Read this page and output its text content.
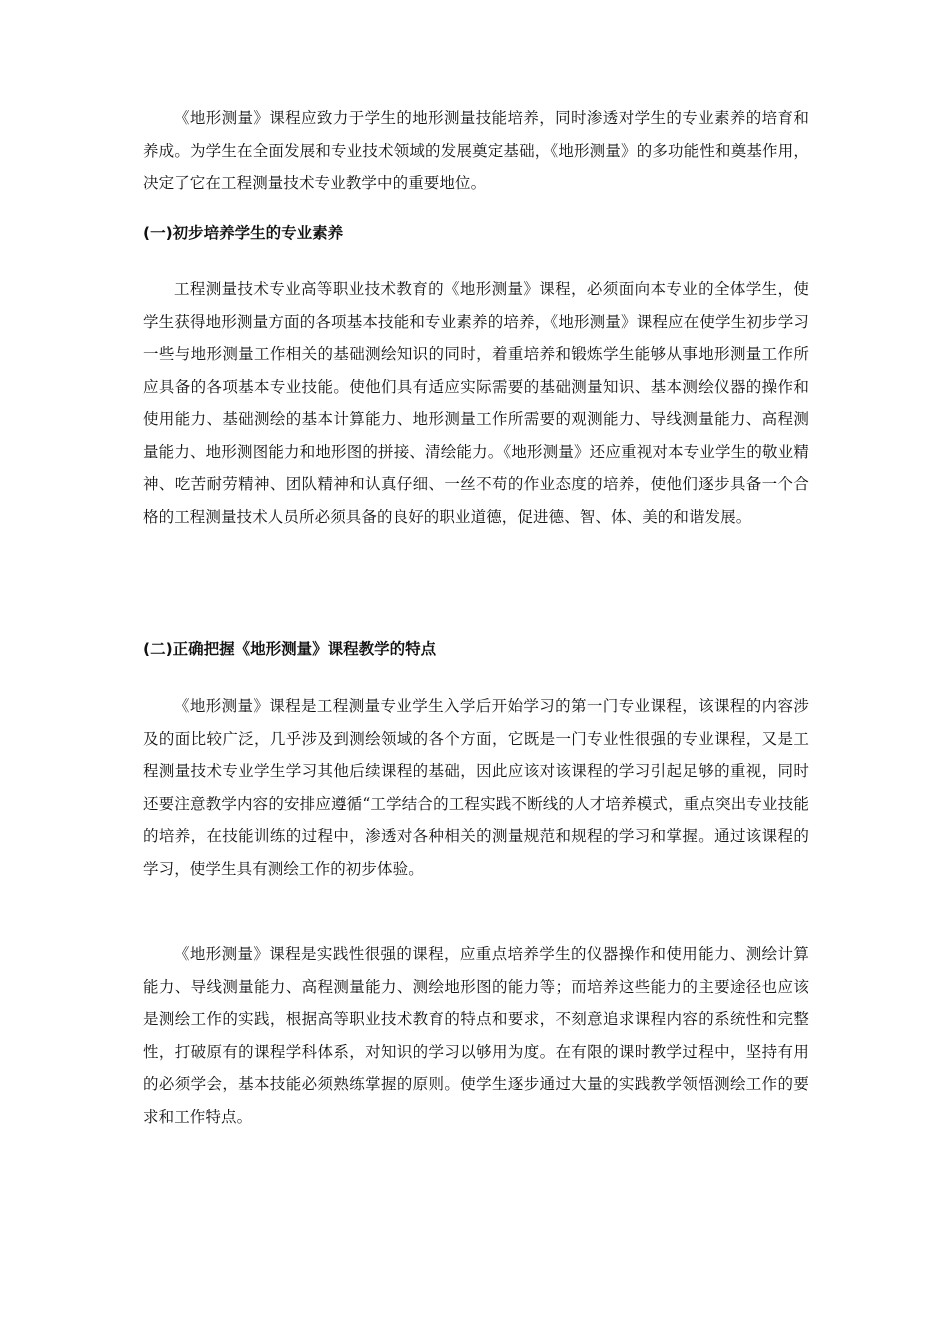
《地形测量》课程应致力于学生的地形测量技能培养，同时渗透对学生的专业素养的培育和养成。为学生在全面发展和专业技术领域的发展奠定基础，《地形测量》的多功能性和奠基作用，决定了它在工程测量技术专业教学中的重要地位。

(一)初步培养学生的专业素养

工程测量技术专业高等职业技术教育的《地形测量》课程，必须面向本专业的全体学生，使学生获得地形测量方面的各项基本技能和专业素养的培养，《地形测量》课程应在使学生初步学习一些与地形测量工作相关的基础测绘知识的同时，着重培养和锻炼学生能够从事地形测量工作所应具备的各项基本专业技能。使他们具有适应实际需要的基础测量知识、基本测绘仪器的操作和使用能力、基础测绘的基本计算能力、地形测量工作所需要的观测能力、导线测量能力、高程测量能力、地形测图能力和地形图的拼接、清绘能力。《地形测量》还应重视对本专业学生的敬业精神、吃苦耐劳精神、团队精神和认真仔细、一丝不苟的作业态度的培养，使他们逐步具备一个合格的工程测量技术人员所必须具备的良好的职业道德，促进德、智、体、美的和谐发展。

(二)正确把握《地形测量》课程教学的特点

《地形测量》课程是工程测量专业学生入学后开始学习的第一门专业课程，该课程的内容涉及的面比较广泛，几乎涉及到测绘领域的各个方面，它既是一门专业性很强的专业课程，又是工程测量技术专业学生学习其他后续课程的基础，因此应该对该课程的学习引起足够的重视，同时还要注意教学内容的安排应遵循“工学结合的工程实践不断线的人才培养模式，重点突出专业技能的培养，在技能训练的过程中，渗透对各种相关的测量规范和规程的学习和掌握。通过该课程的学习，使学生具有测绘工作的初步体验。

《地形测量》课程是实践性很强的课程，应重点培养学生的仪器操作和使用能力、测绘计算能力、导线测量能力、高程测量能力、测绘地形图的能力等；而培养这些能力的主要途径也应该是测绘工作的实践，根据高等职业技术教育的特点和要求，不刻意追求课程内容的系统性和完整性，打破原有的课程学科体系，对知识的学习以够用为度。在有限的课时教学过程中，坚持有用的必须学会，基本技能必须熟练掌握的原则。使学生逐步通过大量的实践教学领悟测绘工作的要求和工作特点。
